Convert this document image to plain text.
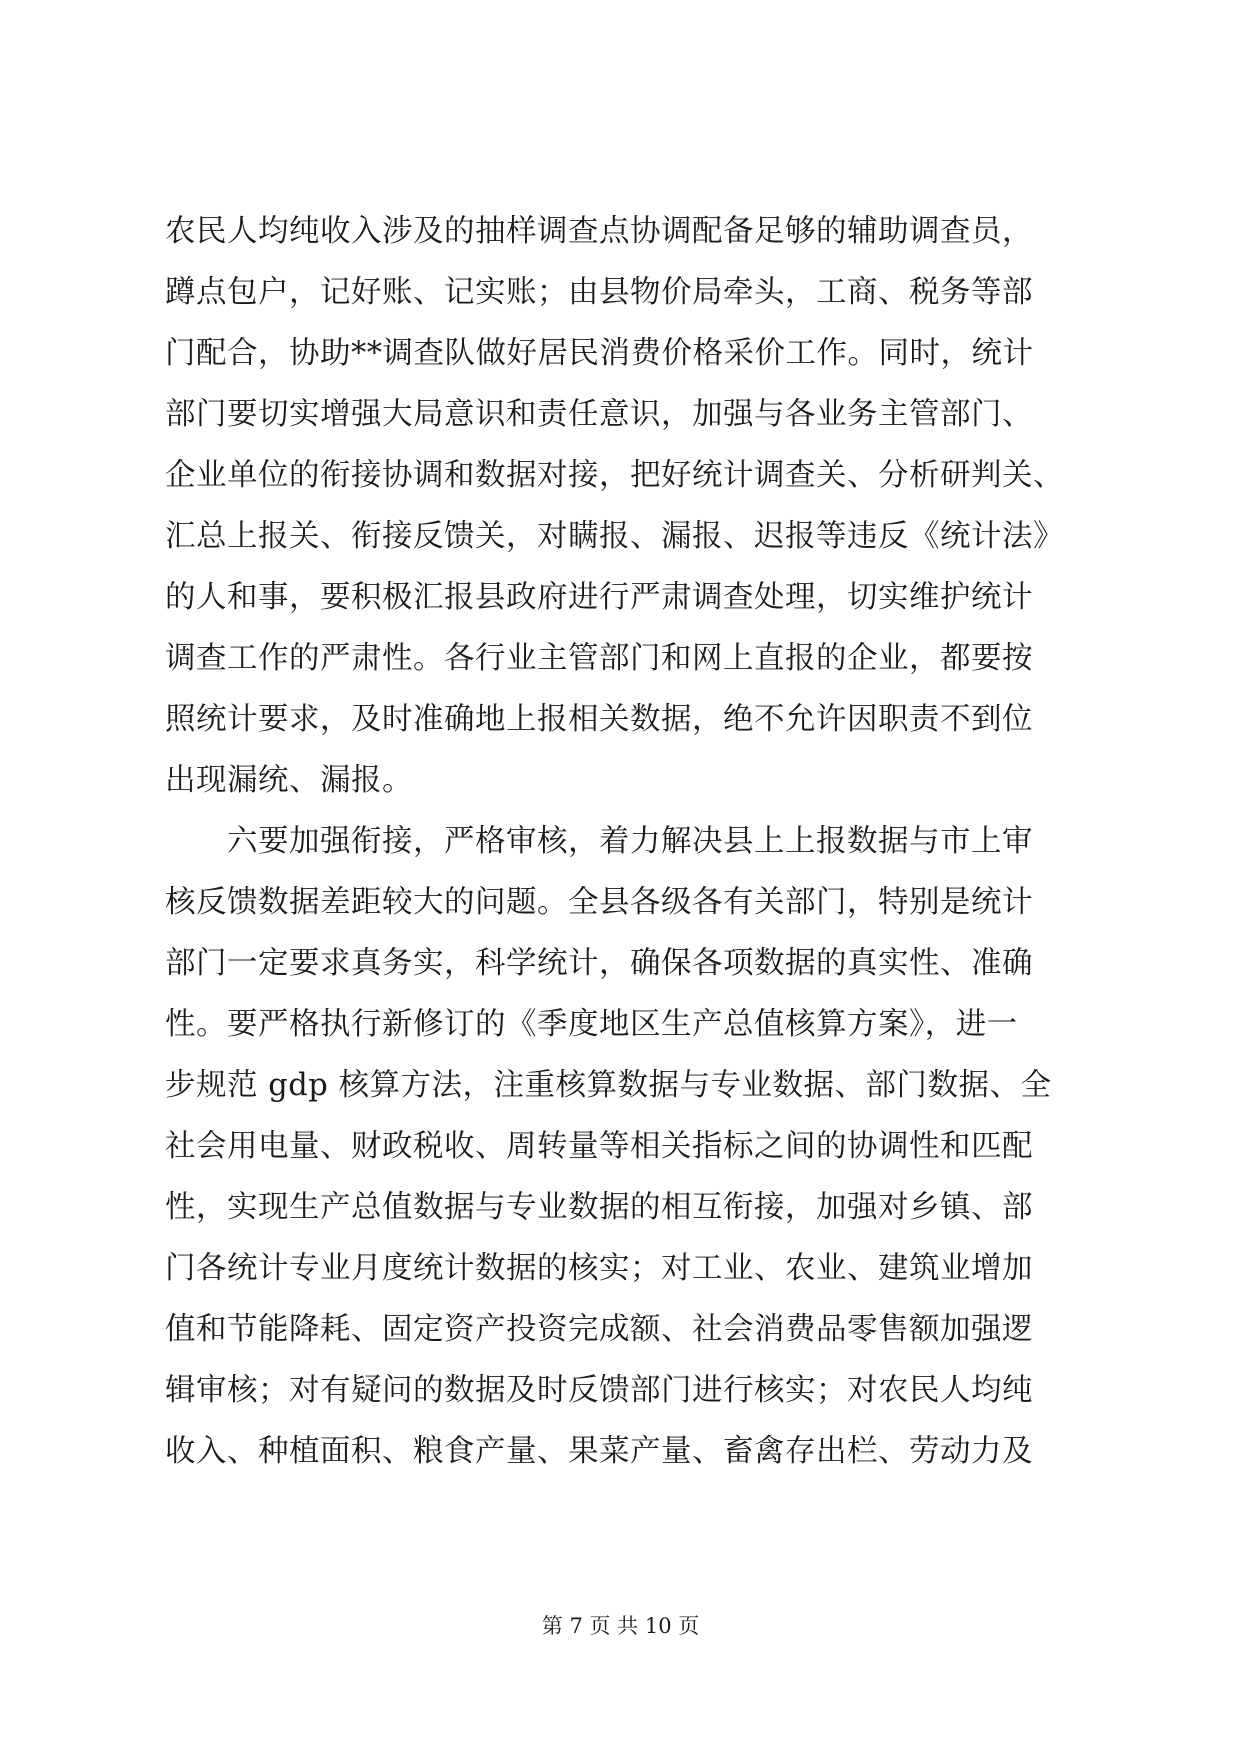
农民人均纯收入涉及的抽样调查点协调配备足够的辅助调查员，
蹲点包户，记好账、记实账；由县物价局牵头，工商、税务等部
门配合，协助**调查队做好居民消费价格采价工作。同时，统计
部门要切实增强大局意识和责任意识，加强与各业务主管部门、
企业单位的衔接协调和数据对接，把好统计调查关、分析研判关、
汇总上报关、衔接反馈关，对瞒报、漏报、迟报等违反《统计法》
的人和事，要积极汇报县政府进行严肃调查处理，切实维护统计
调查工作的严肃性。各行业主管部门和网上直报的企业，都要按
照统计要求，及时准确地上报相关数据，绝不允许因职责不到位
出现漏统、漏报。
　　六要加强衔接，严格审核，着力解决县上上报数据与市上审
核反馈数据差距较大的问题。全县各级各有关部门，特别是统计
部门一定要求真务实，科学统计，确保各项数据的真实性、准确
性。要严格执行新修订的《季度地区生产总值核算方案》，进一
步规范 gdp 核算方法，注重核算数据与专业数据、部门数据、全
社会用电量、财政税收、周转量等相关指标之间的协调性和匹配
性，实现生产总值数据与专业数据的相互衔接，加强对乡镇、部
门各统计专业月度统计数据的核实；对工业、农业、建筑业增加
值和节能降耗、固定资产投资完成额、社会消费品零售额加强逻
辑审核；对有疑问的数据及时反馈部门进行核实；对农民人均纯
收入、种植面积、粮食产量、果菜产量、畜禽存出栏、劳动力及
第 7 页 共 10 页
